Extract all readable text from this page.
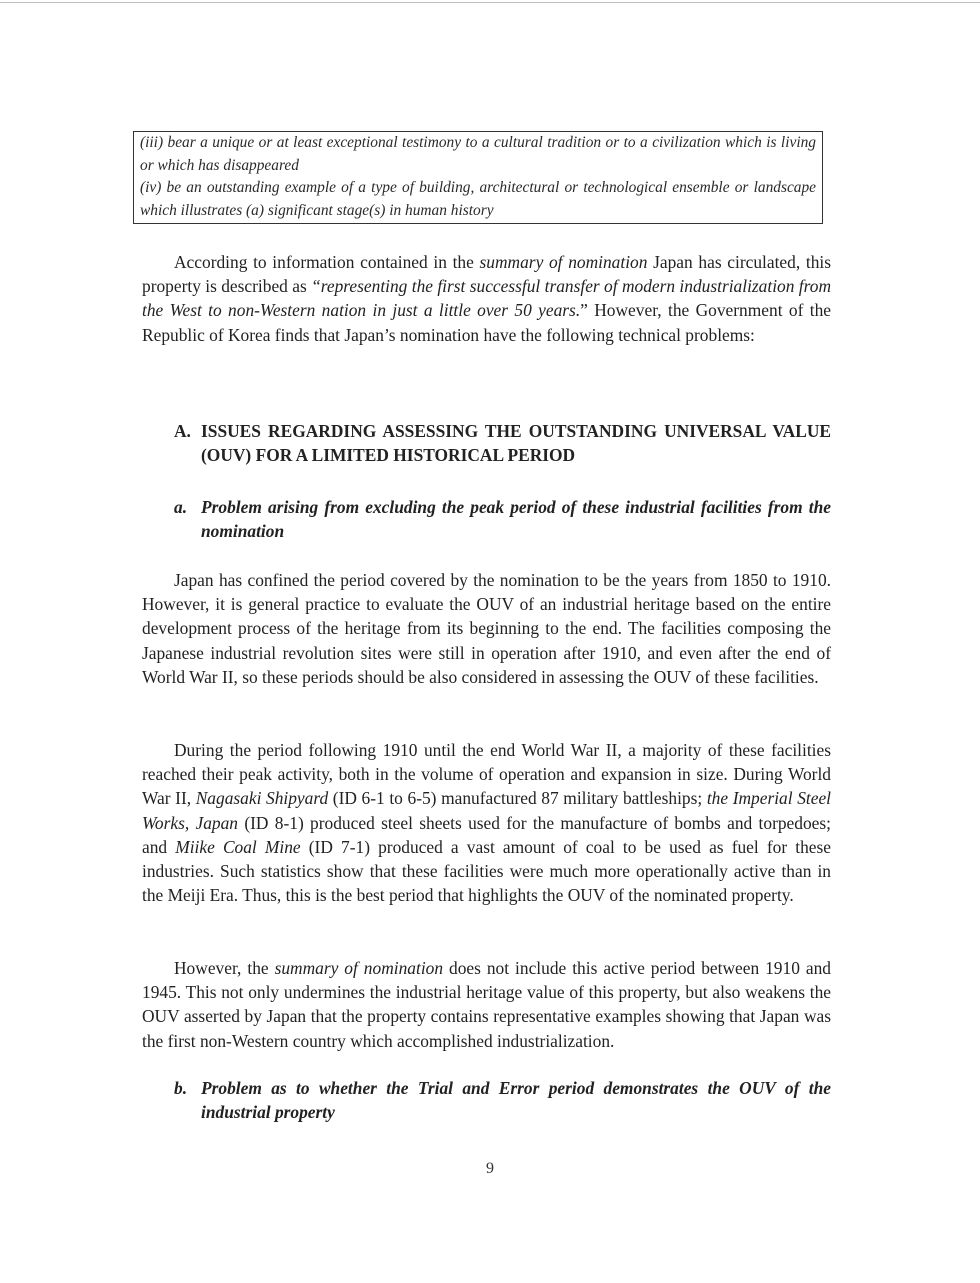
(iii) bear a unique or at least exceptional testimony to a cultural tradition or to a civilization which is living or which has disappeared

(iv) be an outstanding example of a type of building, architectural or technological ensemble or landscape which illustrates (a) significant stage(s) in human history

According to information contained in the summary of nomination Japan has circulated, this property is described as “representing the first successful transfer of modern industrialization from the West to non-Western nation in just a little over 50 years.” However, the Government of the Republic of Korea finds that Japan’s nomination have the following technical problems:

A. ISSUES REGARDING ASSESSING THE OUTSTANDING UNIVERSAL VALUE (OUV) FOR A LIMITED HISTORICAL PERIOD
a. Problem arising from excluding the peak period of these industrial facilities from the nomination

Japan has confined the period covered by the nomination to be the years from 1850 to 1910. However, it is general practice to evaluate the OUV of an industrial heritage based on the entire development process of the heritage from its beginning to the end. The facilities composing the Japanese industrial revolution sites were still in operation after 1910, and even after the end of World War II, so these periods should be also considered in assessing the OUV of these facilities.

During the period following 1910 until the end World War II, a majority of these facilities reached their peak activity, both in the volume of operation and expansion in size. During World War II, Nagasaki Shipyard (ID 6-1 to 6-5) manufactured 87 military battleships; the Imperial Steel Works, Japan (ID 8-1) produced steel sheets used for the manufacture of bombs and torpedoes; and Miike Coal Mine (ID 7-1) produced a vast amount of coal to be used as fuel for these industries. Such statistics show that these facilities were much more operationally active than in the Meiji Era. Thus, this is the best period that highlights the OUV of the nominated property.

However, the summary of nomination does not include this active period between 1910 and 1945. This not only undermines the industrial heritage value of this property, but also weakens the OUV asserted by Japan that the property contains representative examples showing that Japan was the first non-Western country which accomplished industrialization.

b. Problem as to whether the Trial and Error period demonstrates the OUV of the industrial property
9
